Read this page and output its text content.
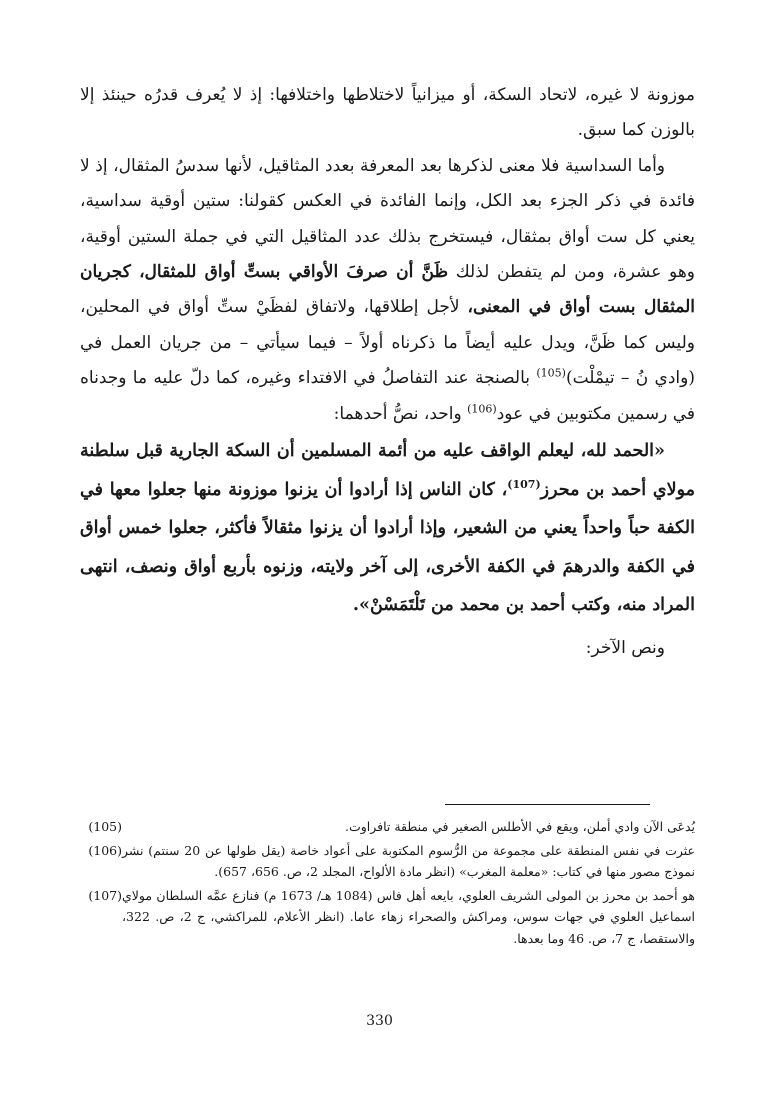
موزونة لا غيره، لاتحاد السكة، أو ميزانياً لاختلاطها واختلافها: إذ لا يُعرف قدرُه حينئذ إلا بالوزن كما سبق.

وأما السداسية فلا معنى لذكرها بعد المعرفة بعدد المثاقيل، لأنها سدسُ المثقال، إذ لا فائدة في ذكر الجزء بعد الكل، وإنما الفائدة في العكس كقولنا: ستين أوقية سداسية، يعني كل ست أواق بمثقال، فيستخرج بذلك عدد المثاقيل التي في جملة الستين أوقية، وهو عشرة، ومن لم يتفطن لذلك ظَنَّ أن صرفَ الأواقي بستِّ أواق للمثقال، كجريان المثقال بست أواق في المعنى، لأجل إطلاقها، ولاتفاق لفظَيْ ستِّ أواق في المحلين، وليس كما ظَنَّ، ويدل عليه أيضاً ما ذكرناه أولاً – فيما سيأتي – من جريان العمل في (وادي نُ – تيمْلْت)$^{(105)}$ بالصنجة عند التفاصلُ في الافتداء وغيره، كما دلّ عليه ما وجدناه في رسمين مكتوبين في عود$^{(106)}$ واحد، نصُّ أحدهما:

«الحمد لله، ليعلم الواقف عليه من أئمة المسلمين أن السكة الجارية قبل سلطنة مولاي أحمد بن محرز$^{(107)}$، كان الناس إذا أرادوا أن يزنوا موزونة منها جعلوا معها في الكفة حباً واحداً يعني من الشعير، وإذا أرادوا أن يزنوا مثقالاً فأكثر، جعلوا خمس أواق في الكفة والدرهمَ في الكفة الأخرى، إلى آخر ولايته، وزنوه بأربع أواق ونصف، انتهى المراد منه، وكتب أحمد بن محمد من تَلْتَمَسْنْ».

ونص الآخر:

يُدعَى الآن وادي أملن، ويقع في الأطلس الصغير في منطقة تافراوت.
(105)
عثرت في نفس المنطقة على مجموعة من الرُّسوم المكتوبة على أعواد خاصة (يقل طولها عن 20 سنتم) نشر نموذج مصور منها في كتاب: «معلمة المغرب» (انظر مادة الألواح، المجلد 2، ص. 656، 657).
(106)
هو أحمد بن محرز بن المولى الشريف العلوي، بايعه أهل فاس (1084 هـ/ 1673 م) فنازع عمَّه السلطان مولاي اسماعيل العلوي في جهات سوس، ومراكش والصحراء زهاء عاما. (انظر الأعلام، للمراكشي، ج 2، ص. 322، والاستقصا، ج 7، ص. 46 وما بعدها.
(107)
330
